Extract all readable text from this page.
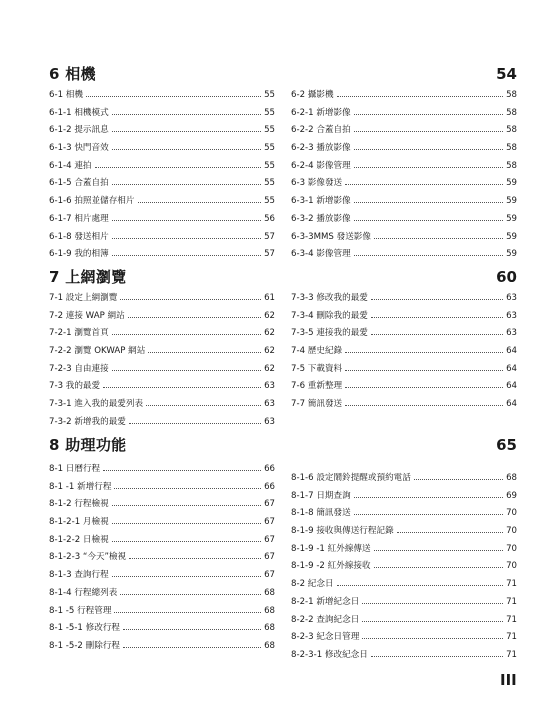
6 相機	54
6-1 相機	55
6-1-1 相機模式	55
6-1-2 提示訊息	55
6-1-3 快門音效	55
6-1-4 連拍	55
6-1-5 合蓋自拍	55
6-1-6 拍照並儲存相片	55
6-1-7 相片處理	56
6-1-8 發送相片	57
6-1-9 我的相簿	57
6-2 攝影機	58
6-2-1 新增影像	58
6-2-2 合蓋自拍	58
6-2-3 播放影像	58
6-2-4 影像管理	58
6-3 影像發送	59
6-3-1 新增影像	59
6-3-2 播放影像	59
6-3-3MMS 發送影像	59
6-3-4 影像管理	59
7 上網瀏覽	60
7-1 設定上網瀏覽	61
7-2 連接 WAP 網站	62
7-2-1 瀏覽首頁	62
7-2-2 瀏覽 OKWAP 網站	62
7-2-3 自由連接	62
7-3 我的最愛	63
7-3-1 進入我的最愛列表	63
7-3-2 新增我的最愛	63
7-3-3 修改我的最愛	63
7-3-4 刪除我的最愛	63
7-3-5 連接我的最愛	63
7-4 歷史紀錄	64
7-5 下載資料	64
7-6 重新整理	64
7-7 簡訊發送	64
8 助理功能	65
8-1 日曆行程	66
8-1 -1 新增行程	66
8-1-2 行程檢視	67
8-1-2-1 月檢視	67
8-1-2-2 日檢視	67
8-1-2-3 “今天”檢視	67
8-1-3 查詢行程	67
8-1-4 行程總列表	68
8-1 -5 行程管理	68
8-1 -5-1 修改行程	68
8-1 -5-2 刪除行程	68
8-1-6 設定鬧鈴提醒或預約電話	68
8-1-7 日期查詢	69
8-1-8 簡訊發送	70
8-1-9 接收與傳送行程記錄	70
8-1-9 -1 紅外線傳送	70
8-1-9 -2 紅外線接收	70
8-2 紀念日	71
8-2-1 新增紀念日	71
8-2-2 查詢紀念日	71
8-2-3 紀念日管理	71
8-2-3-1 修改紀念日	71
III
